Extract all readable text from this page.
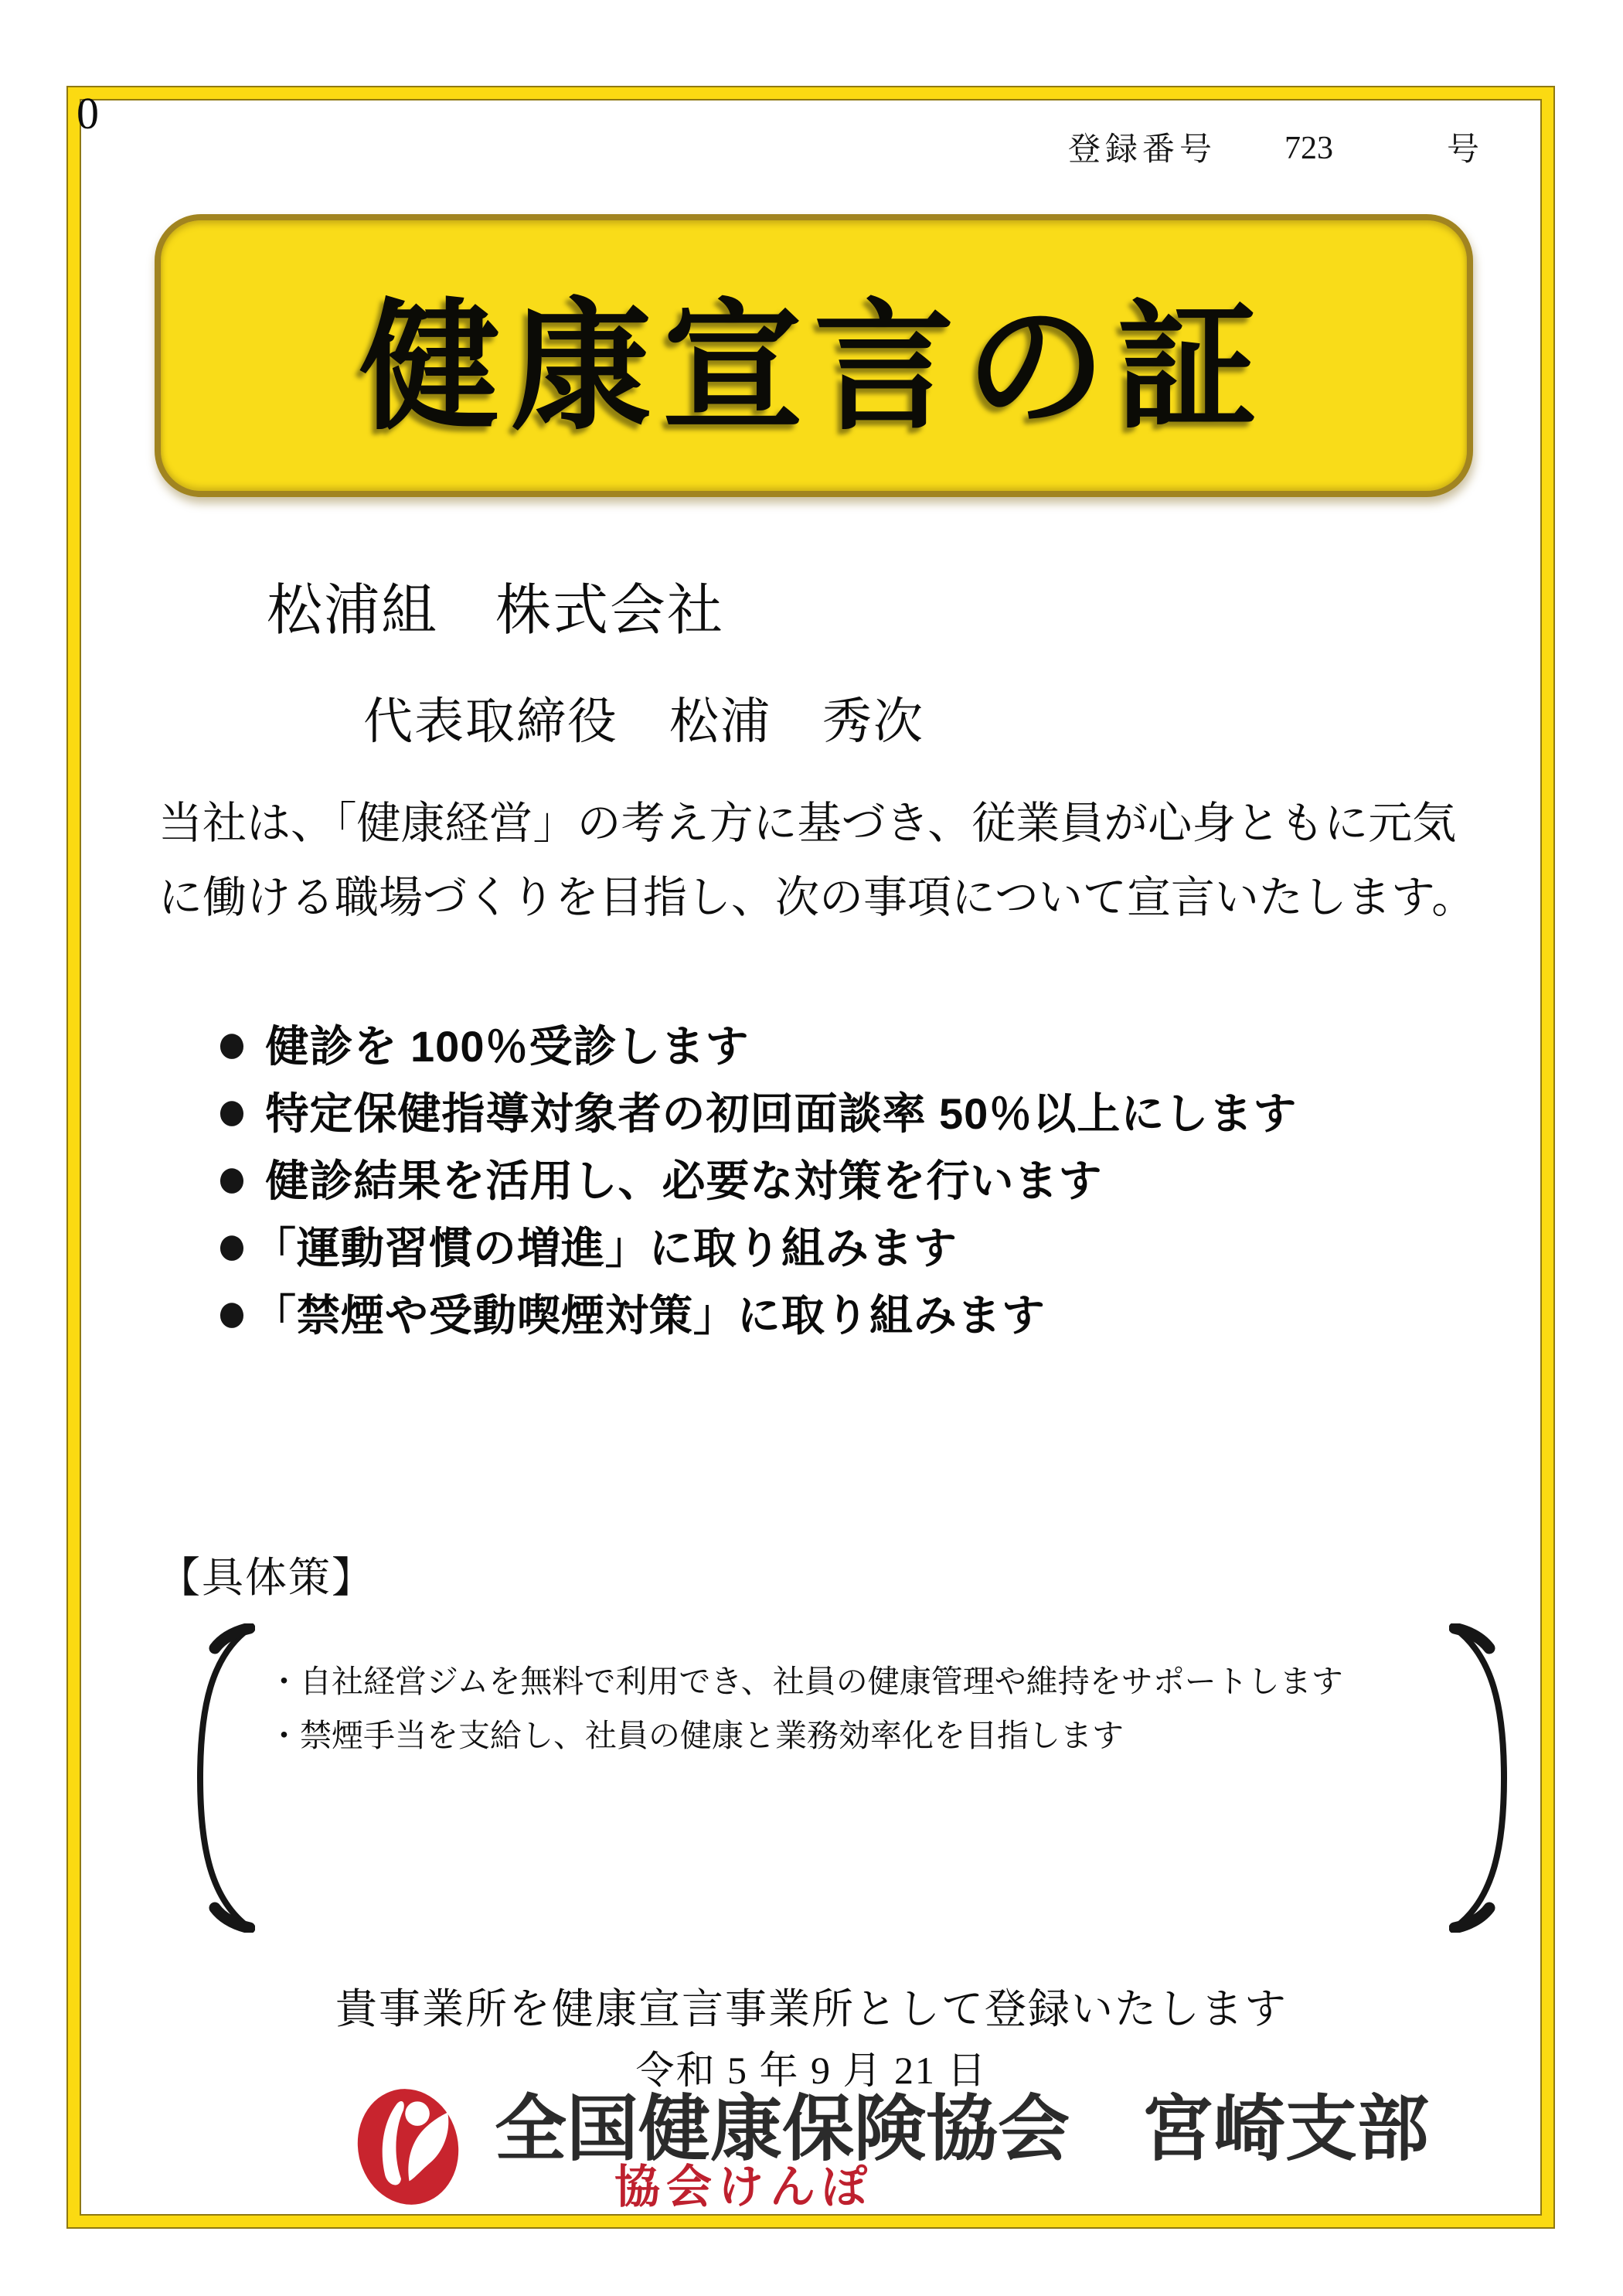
0
登録番号 723	号
健康宣言の証
松浦組　株式会社
代表取締役　松浦　秀次
当社は、「健康経営」の考え方に基づき、従業員が心身ともに元気
に働ける職場づくりを目指し、次の事項について宣言いたします。
● 健診を 100％受診します
● 特定保健指導対象者の初回面談率 50％以上にします
● 健診結果を活用し、必要な対策を行います
● 「運動習慣の増進」に取り組みます
● 「禁煙や受動喫煙対策」に取り組みます
【具体策】
・自社経営ジムを無料で利用でき、社員の健康管理や維持をサポートします
・禁煙手当を支給し、社員の健康と業務効率化を目指します
貴事業所を健康宣言事業所として登録いたします
令和 5 年 9 月 21 日
全国健康保険協会　宮崎支部
協会けんぽ
